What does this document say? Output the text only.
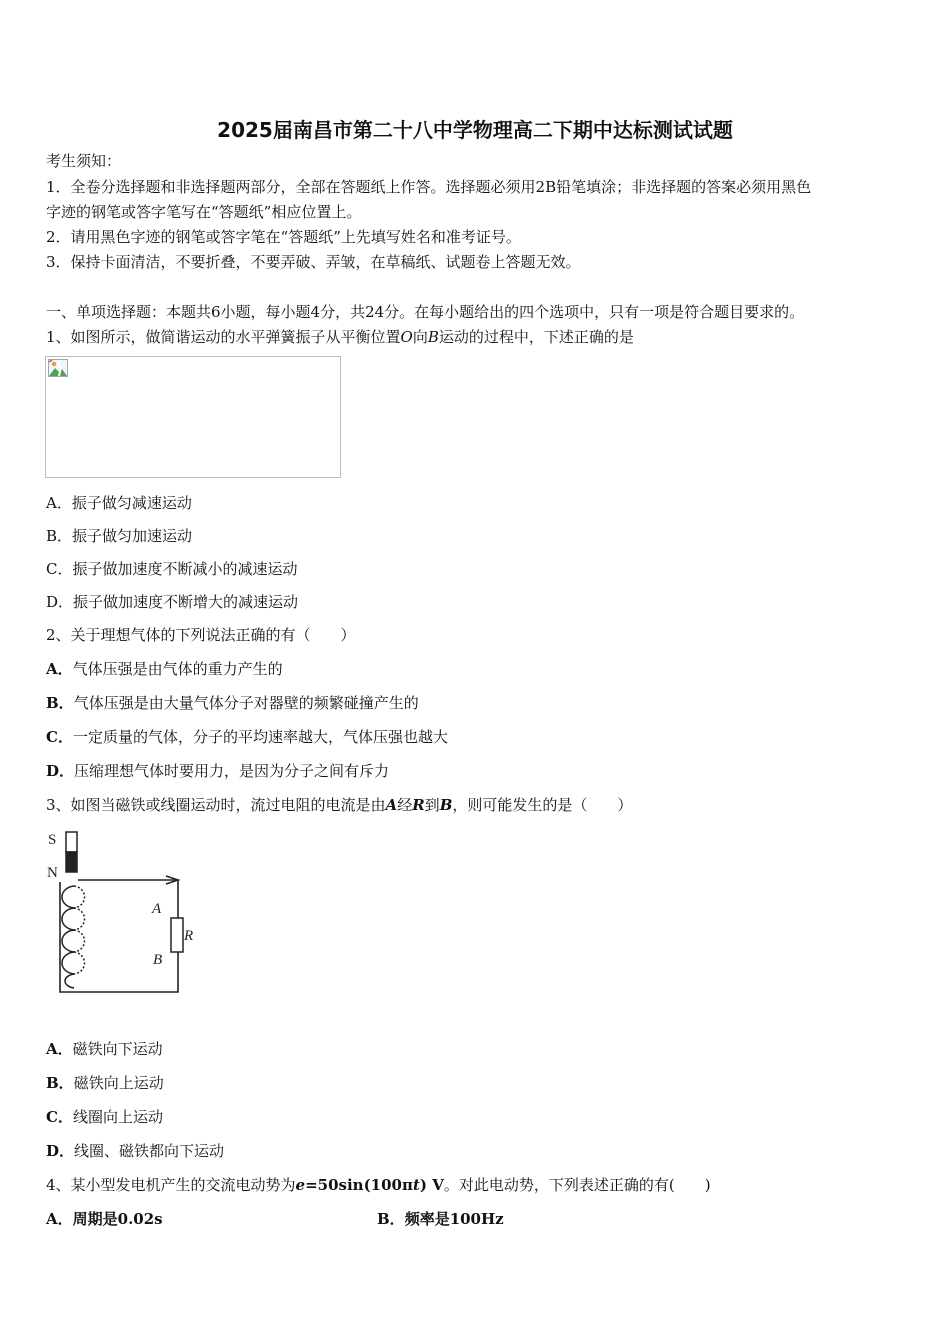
2025届南昌市第二十八中学物理高二下期中达标测试试题
考生须知：
1．全卷分选择题和非选择题两部分，全部在答题纸上作答。选择题必须用2B铅笔填涂；非选择题的答案必须用黑色
字迹的钢笔或答字笔写在“答题纸”相应位置上。
2．请用黑色字迹的钢笔或答字笔在“答题纸”上先填写姓名和准考证号。
3．保持卡面清洁，不要折叠，不要弄破、弄皱，在草稿纸、试题卷上答题无效。
一、单项选择题：本题共6小题，每小题4分，共24分。在每小题给出的四个选项中，只有一项是符合题目要求的。
1、如图所示，做简谐运动的水平弹簧振子从平衡位置O向B运动的过程中，下述正确的是
A．振子做匀减速运动
B．振子做匀加速运动
C．振子做加速度不断减小的减速运动
D．振子做加速度不断增大的减速运动
2、关于理想气体的下列说法正确的有（　　）
A．气体压强是由气体的重力产生的
B．气体压强是由大量气体分子对器壁的频繁碰撞产生的
C．一定质量的气体，分子的平均速率越大，气体压强也越大
D．压缩理想气体时要用力，是因为分子之间有斥力
3、如图当磁铁或线圈运动时，流过电阻的电流是由A经R到B，则可能发生的是（　　）
S
N
A
B
R
A．磁铁向下运动
B．磁铁向上运动
C．线圈向上运动
D．线圈、磁铁都向下运动
4、某小型发电机产生的交流电动势为e=50sin(100πt) V。对此电动势，下列表述正确的有(　　)
A．周期是0.02s	B．频率是100Hz
